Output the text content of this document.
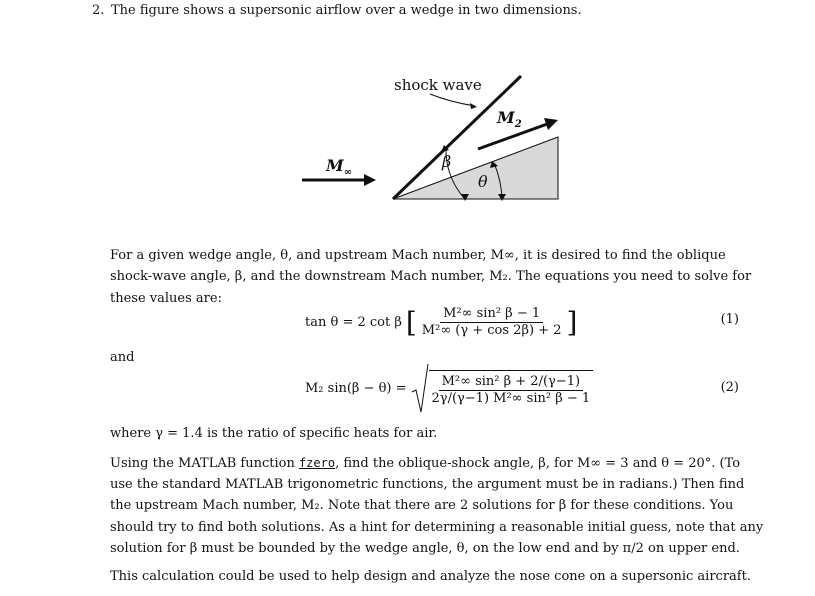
2. The figure shows a supersonic airflow over a wedge in two dimensions.
shock wave
$M_2$
$M_\infty$
β
θ
For a given wedge angle, θ, and upstream Mach number, M∞, it is desired to find the oblique
shock-wave angle, β, and the downstream Mach number, M₂. The equations you need to solve for
these values are:
tan θ = 2 cot β [ $\frac{\text{M²∞ sin² β − 1}}{\text{M²∞ (γ + cos 2β) + 2}}$ ]	(1)
and
M₂ $\sin(\beta - \theta) = \frac{\text{M²∞ sin² β + 2/(γ−1)}}{\text{2γ/(γ−1) M²∞ sin² β − 1}}$	(2)
where γ = 1.4 is the ratio of specific heats for air.
Using the MATLAB function fzero, find the oblique-shock angle, β, for M∞ = 3 and θ = 20°. (To
use the standard MATLAB trigonometric functions, the argument must be in radians.) Then find
the upstream Mach number, M₂. Note that there are 2 solutions for β for these conditions. You
should try to find both solutions. As a hint for determining a reasonable initial guess, note that any
solution for β must be bounded by the wedge angle, θ, on the low end and by π/2 on upper end.
This calculation could be used to help design and analyze the nose cone on a supersonic aircraft.
